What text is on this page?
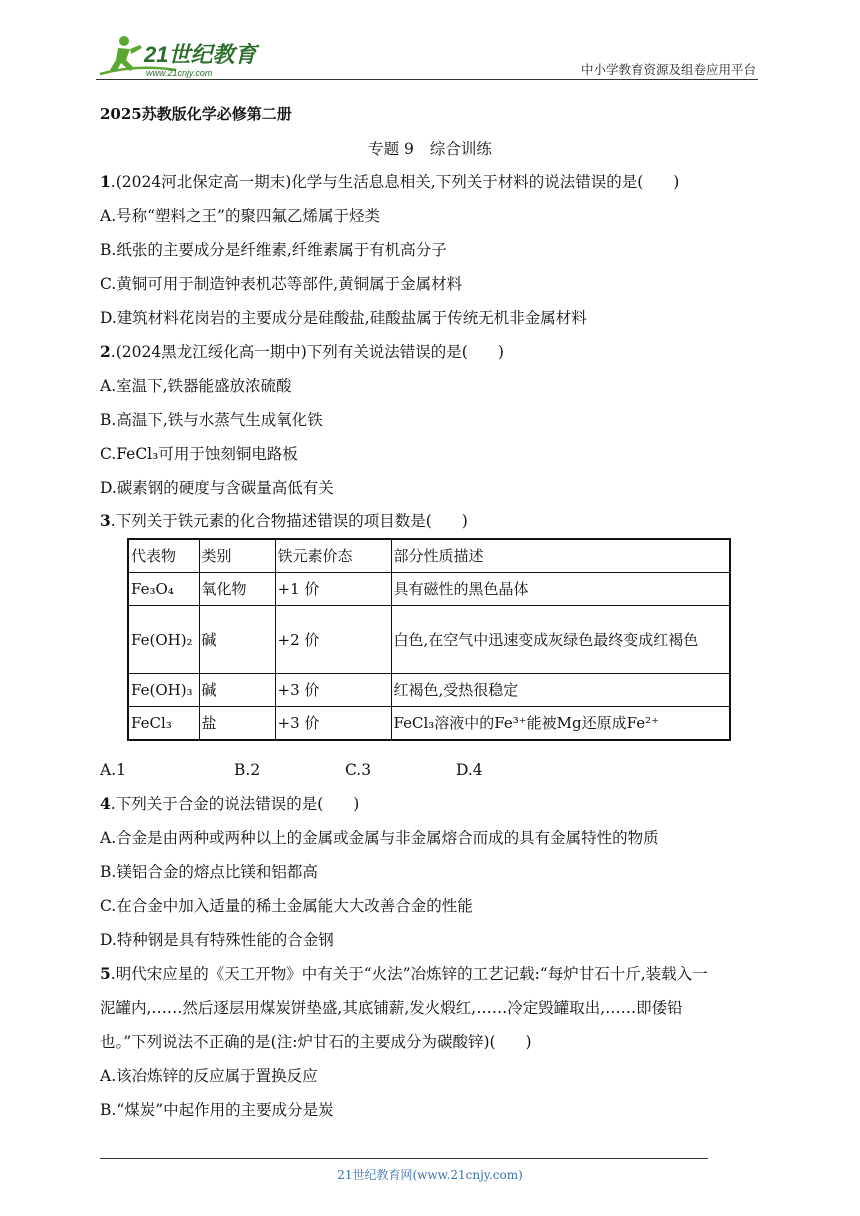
21世纪教育
www.21cnjy.com	中小学教育资源及组卷应用平台
2025苏教版化学必修第二册
专题 9 综合训练
1.(2024河北保定高一期末)化学与生活息息相关,下列关于材料的说法错误的是( )
A.号称“塑料之王”的聚四氟乙烯属于烃类
B.纸张的主要成分是纤维素,纤维素属于有机高分子
C.黄铜可用于制造钟表机芯等部件,黄铜属于金属材料
D.建筑材料花岗岩的主要成分是硅酸盐,硅酸盐属于传统无机非金属材料
2.(2024黑龙江绥化高一期中)下列有关说法错误的是( )
A.室温下,铁器能盛放浓硫酸
B.高温下,铁与水蒸气生成氧化铁
C.FeCl₃可用于蚀刻铜电路板
D.碳素钢的硬度与含碳量高低有关
3.下列关于铁元素的化合物描述错误的项目数是( )
代表物	类别	铁元素价态	部分性质描述
Fe₃O₄	氧化物	+1 价	具有磁性的黑色晶体
Fe(OH)₂	碱	+2 价	白色,在空气中迅速变成灰绿色最终变成红褐色
Fe(OH)₃	碱	+3 价	红褐色,受热很稳定
FeCl₃	盐	+3 价	FeCl₃溶液中的Fe³⁺能被Mg还原成Fe²⁺
A.1	B.2	C.3	D.4
4.下列关于合金的说法错误的是( )
A.合金是由两种或两种以上的金属或金属与非金属熔合而成的具有金属特性的物质
B.镁铝合金的熔点比镁和铝都高
C.在合金中加入适量的稀土金属能大大改善合金的性能
D.特种钢是具有特殊性能的合金钢
5.明代宋应星的《天工开物》中有关于“火法”冶炼锌的工艺记载:“每炉甘石十斤,装载入一
泥罐内,……然后逐层用煤炭饼垫盛,其底铺薪,发火煅红,……冷定毁罐取出,……即倭铅
也。”下列说法不正确的是(注:炉甘石的主要成分为碳酸锌)( )
A.该冶炼锌的反应属于置换反应
B.“煤炭”中起作用的主要成分是炭
21世纪教育网(www.21cnjy.com)
